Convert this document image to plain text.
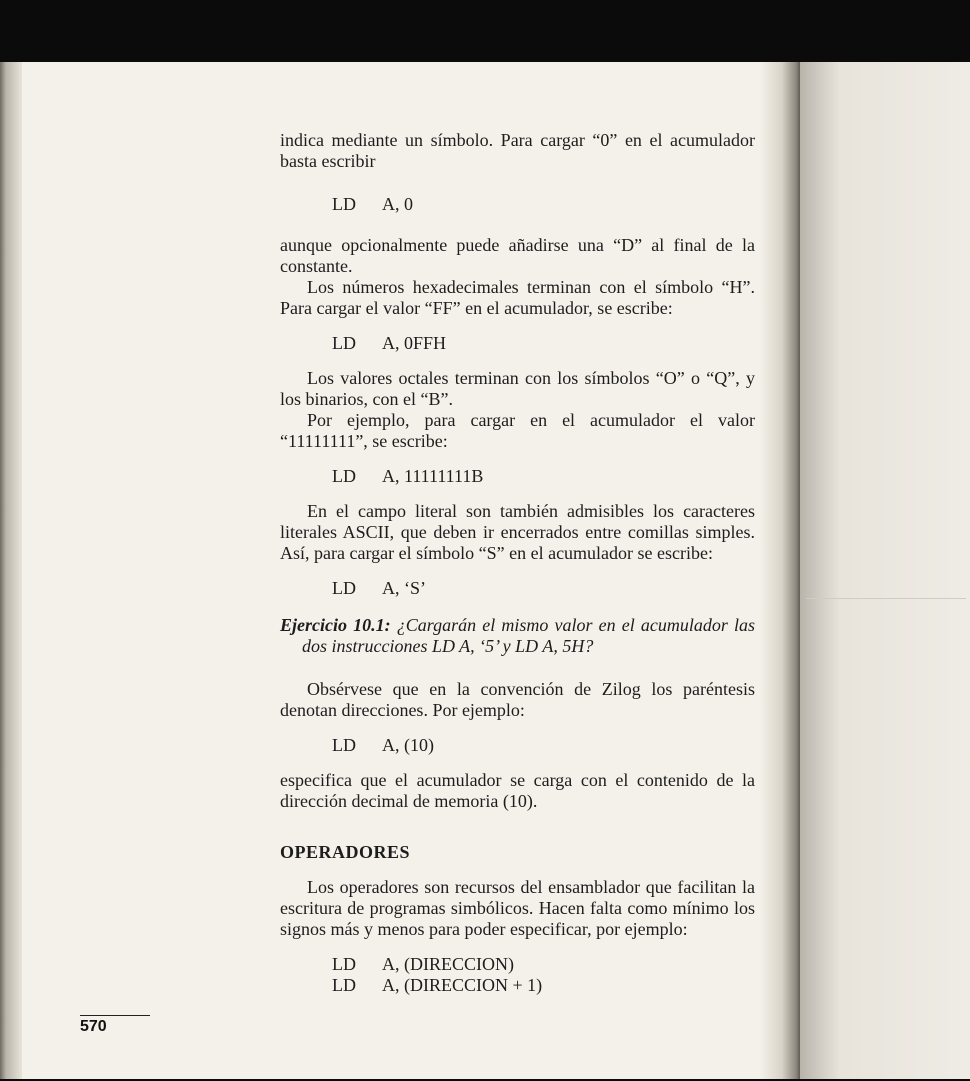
indica mediante un símbolo. Para cargar “0” en el acumulador basta escribir

LD A, 0

aunque opcionalmente puede añadirse una “D” al final de la constante.

Los números hexadecimales terminan con el símbolo “H”. Para cargar el valor “FF” en el acumulador, se escribe:

LD A, 0FFH

Los valores octales terminan con los símbolos “O” o “Q”, y los binarios, con el “B”.

Por ejemplo, para cargar en el acumulador el valor “11111111”, se escribe:

LD A, 11111111B

En el campo literal son también admisibles los caracteres literales ASCII, que deben ir encerrados entre comillas simples. Así, para cargar el símbolo “S” en el acumulador se escribe:

LD A, ‘S’

Ejercicio 10.1: ¿Cargarán el mismo valor en el acumulador las dos instrucciones LD A, ‘5’ y LD A, 5H?

Obsérvese que en la convención de Zilog los paréntesis denotan direcciones. Por ejemplo:

LD A, (10)

especifica que el acumulador se carga con el contenido de la dirección decimal de memoria (10).

OPERADORES

Los operadores son recursos del ensamblador que facilitan la escritura de programas simbólicos. Hacen falta como mínimo los signos más y menos para poder especificar, por ejemplo:

LD A, (DIRECCION)
LD A, (DIRECCION + 1)
570
